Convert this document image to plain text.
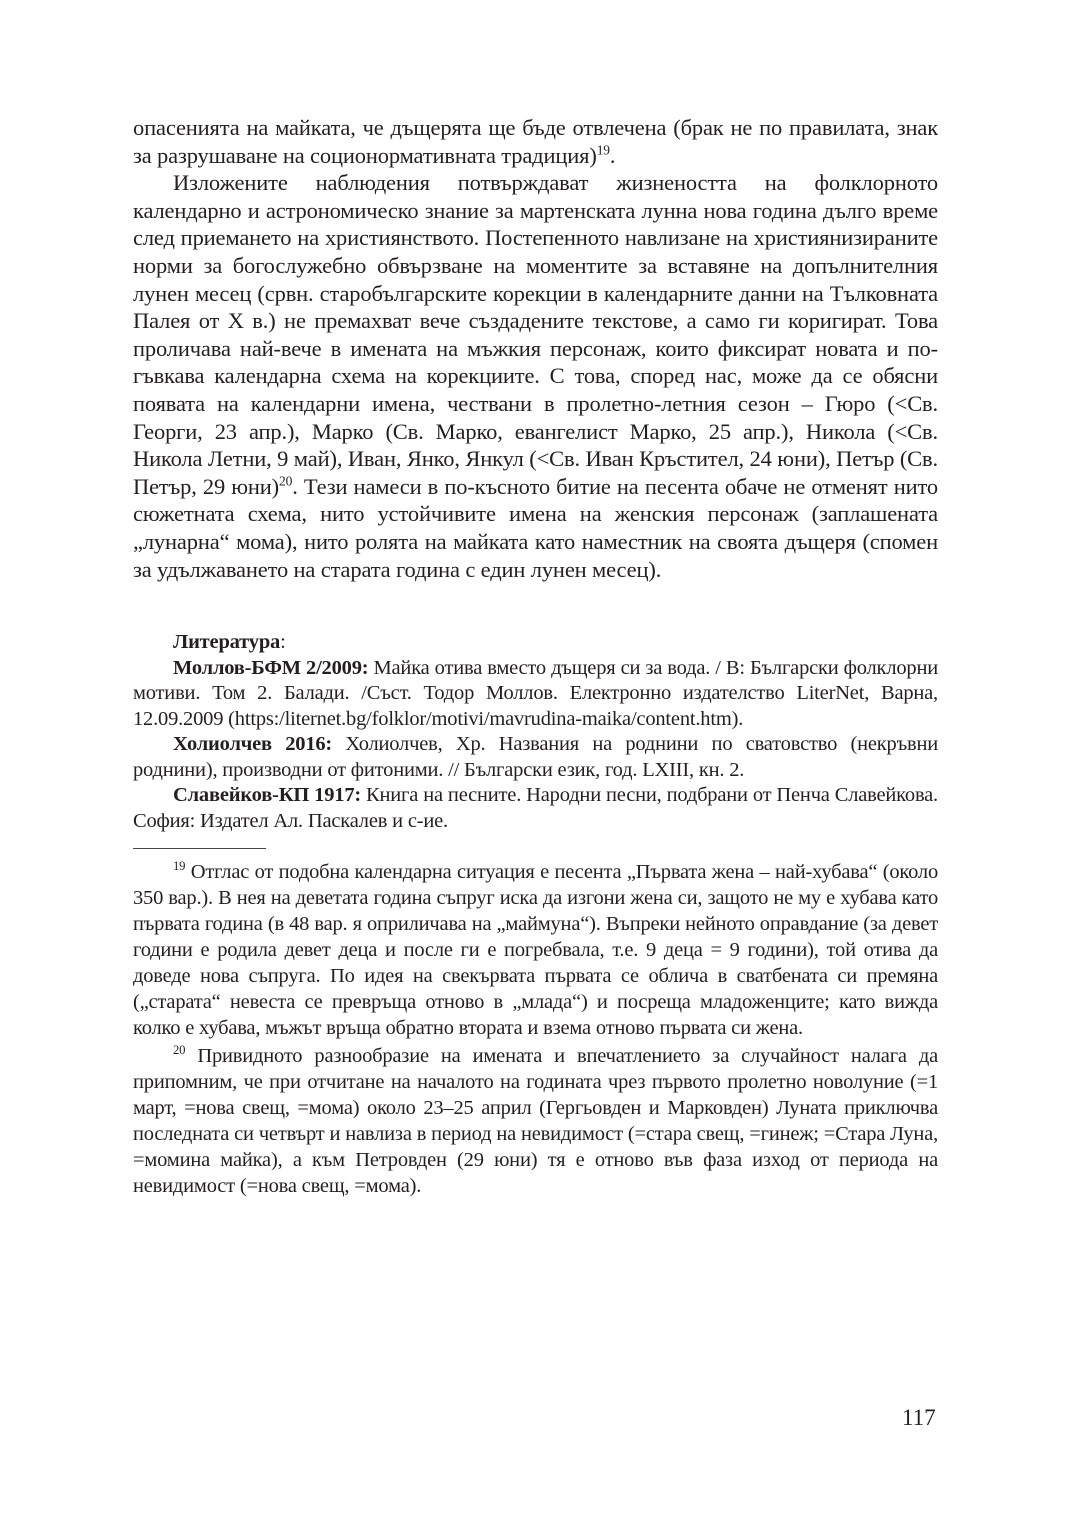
опасенията на майката, че дъщерята ще бъде отвлечена (брак не по правилата, знак за разрушаване на соционормативната традиция)$^{19}$.

Изложените наблюдения потвърждават жизнеността на фолклорното календарно и астрономическо знание за мартенската лунна нова година дълго време след приемането на християнството. Постепенното навлизане на християнизираните норми за богослужебно обвързване на моментите за вставяне на допълнителния лунен месец (срвн. старобългарските корекции в календарните данни на Тълковната Палея от Х в.) не премахват вече създадените текстове, а само ги коригират. Това проличава най-вече в имената на мъжкия персонаж, които фиксират новата и по-гъвкава календарна схема на корекциите. С това, според нас, може да се обясни появата на календарни имена, чествани в пролетно-летния сезон – Гюро (<Св. Георги, 23 апр.), Марко (Св. Марко, евангелист Марко, 25 апр.), Никола (<Св. Никола Летни, 9 май), Иван, Янко, Янкул (<Св. Иван Кръстител, 24 юни), Петър (Св. Петър, 29 юни)$^{20}$. Тези намеси в по-късното битие на песента обаче не отменят нито сюжетната схема, нито устойчивите имена на женския персонаж (заплашената „лунарна“ мома), нито ролята на майката като наместник на своята дъщеря (спомен за удължаването на старата година с един лунен месец).

Литература:

Моллов-БФМ 2/2009: Майка отива вместо дъщеря си за вода. / В: Български фолклорни мотиви. Том 2. Балади. /Съст. Тодор Моллов. Електронно издателство LiterNet, Варна, 12.09.2009 (https:/liternet.bg/folklor/motivi/mavrudina-maika/content.htm).

Холиолчев 2016: Холиолчев, Хр. Названия на роднини по сватовство (некръвни роднини), производни от фитоними. // Български език, год. LXIII, кн. 2.

Славейков-КП 1917: Книга на песните. Народни песни, подбрани от Пенча Славейкова. София: Издател Ал. Паскалев и с-ие.

$^{19}$ Отглас от подобна календарна ситуация е песента „Първата жена – най-хубава“ (около 350 вар.). В нея на деветата година съпруг иска да изгони жена си, защото не му е хубава като първата година (в 48 вар. я оприличава на „маймуна“). Въпреки нейното оправдание (за девет години е родила девет деца и после ги е погребвала, т.е. 9 деца = 9 години), той отива да доведе нова съпруга. По идея на свекървата първата се облича в сватбената си премяна („старата“ невеста се превръща отново в „млада“) и посреща младоженците; като вижда колко е хубава, мъжът връща обратно втората и взема отново първата си жена.

$^{20}$ Привидното разнообразие на имената и впечатлението за случайност налага да припомним, че при отчитане на началото на годината чрез първото пролетно новолуние (=1 март, =нова свещ, =мома) около 23–25 април (Гергьовден и Марковден) Луната приключва последната си четвърт и навлиза в период на невидимост (=стара свещ, =гинеж; =Стара Луна, =момина майка), а към Петровден (29 юни) тя е отново във фаза изход от периода на невидимост (=нова свещ, =мома).

117
